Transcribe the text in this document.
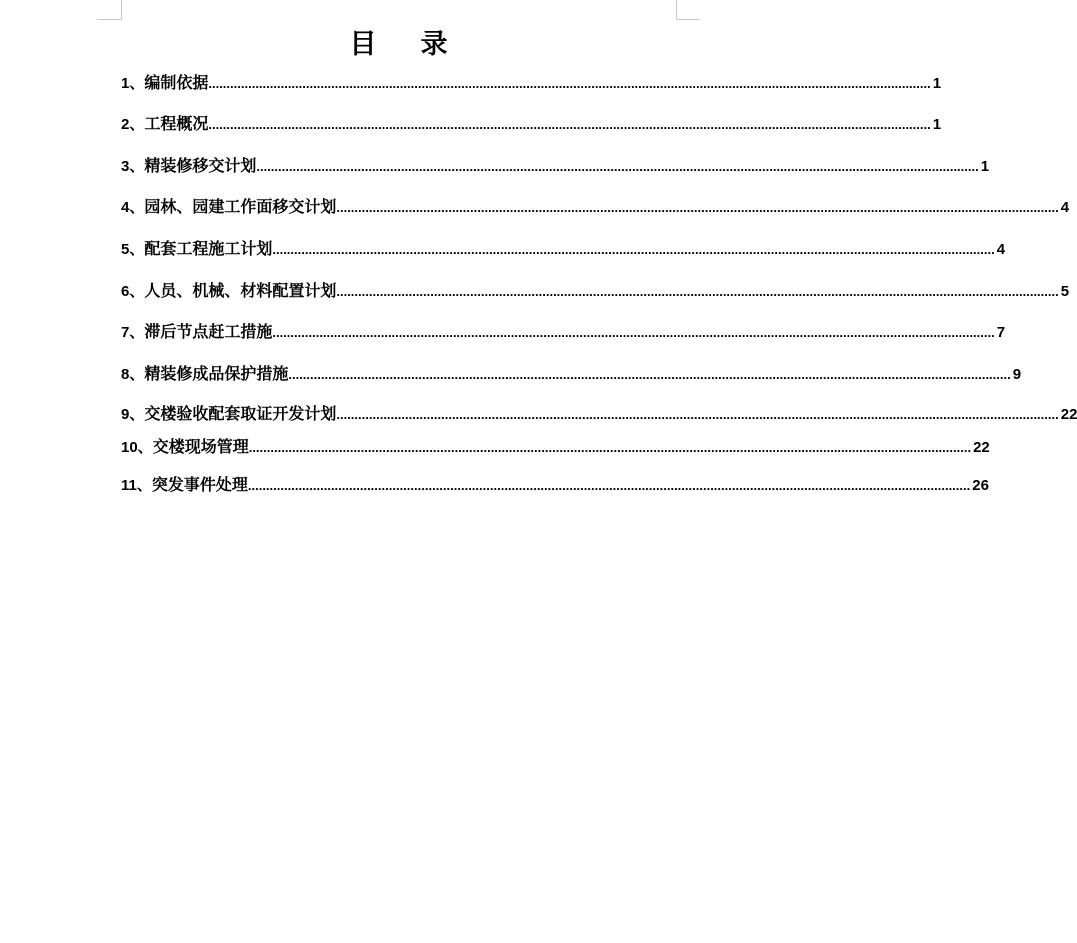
目 录
1、 编制依据 ........................................................................................................................................................................................................ 1
2、 工程概况 ........................................................................................................................................................................................................ 1
3、 精装修移交计划 ........................................................................................................................................................................................................ 1
4、 园林、园建工作面移交计划 ........................................................................................................................................................................................................ 4
5、 配套工程施工计划 ........................................................................................................................................................................................................ 4
6、 人员、机械、材料配置计划 ........................................................................................................................................................................................................ 5
7、 滞后节点赶工措施 ........................................................................................................................................................................................................ 7
8、 精装修成品保护措施 ........................................................................................................................................................................................................ 9
9、 交楼验收配套取证开发计划 ........................................................................................................................................................................................................ 22
10、 交楼现场管理 ........................................................................................................................................................................................................ 22
11、 突发事件处理 ........................................................................................................................................................................................................ 26
